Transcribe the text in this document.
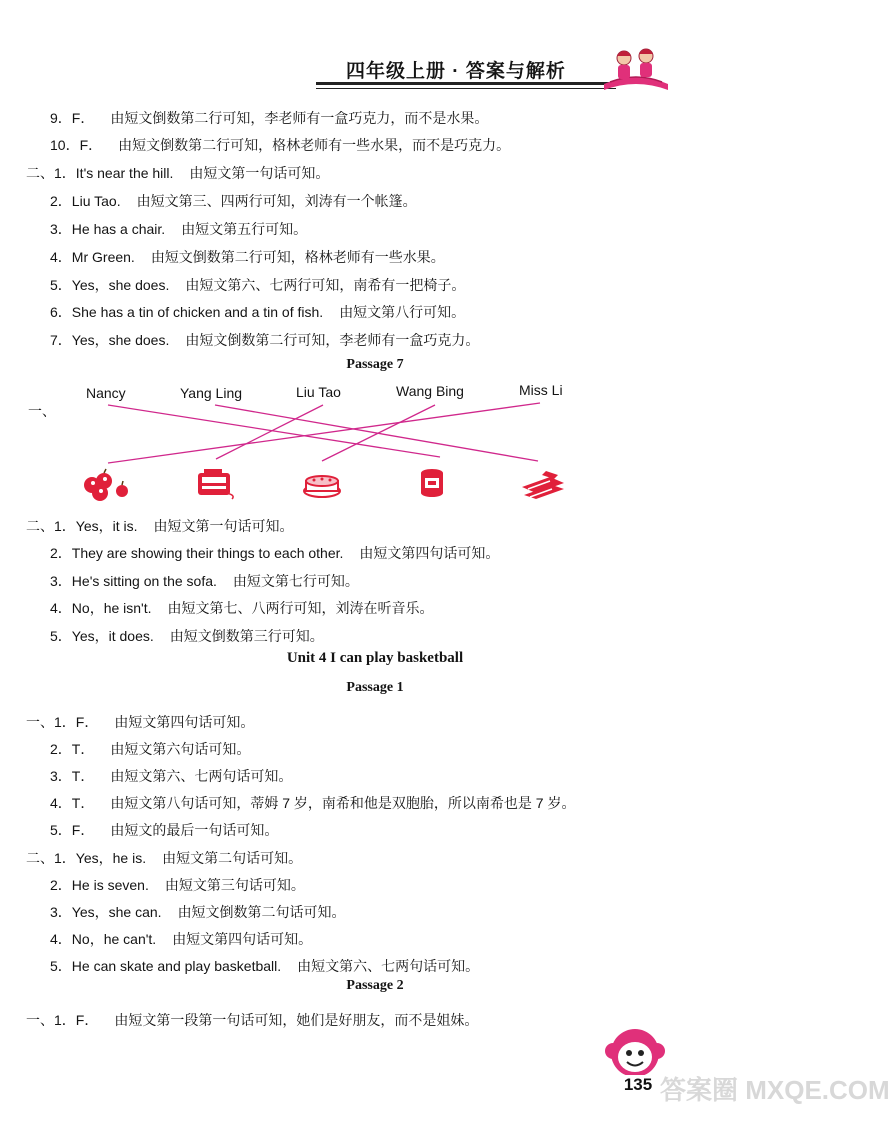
四年级上册 · 答案与解析
9．F． 由短文倒数第二行可知，李老师有一盒巧克力，而不是水果。
10．F． 由短文倒数第二行可知，格林老师有一些水果，而不是巧克力。
二、1．It's near the hill. 由短文第一句话可知。
2．Liu Tao. 由短文第三、四两行可知，刘涛有一个帐篷。
3．He has a chair. 由短文第五行可知。
4．Mr Green. 由短文倒数第二行可知，格林老师有一些水果。
5．Yes，she does. 由短文第六、七两行可知，南希有一把椅子。
6．She has a tin of chicken and a tin of fish. 由短文第八行可知。
7．Yes，she does. 由短文倒数第二行可知，李老师有一盒巧克力。
Passage 7
一、
Nancy	Yang Ling	Liu Tao	Wang Bing	Miss Li
二、1．Yes，it is. 由短文第一句话可知。
2．They are showing their things to each other. 由短文第四句话可知。
3．He's sitting on the sofa. 由短文第七行可知。
4．No，he isn't. 由短文第七、八两行可知，刘涛在听音乐。
5．Yes，it does. 由短文倒数第三行可知。
Unit 4 I can play basketball
Passage 1
一、1．F． 由短文第四句话可知。
2．T． 由短文第六句话可知。
3．T． 由短文第六、七两句话可知。
4．T． 由短文第八句话可知，蒂姆 7 岁，南希和他是双胞胎，所以南希也是 7 岁。
5．F． 由短文的最后一句话可知。
二、1．Yes，he is. 由短文第二句话可知。
2．He is seven. 由短文第三句话可知。
3．Yes，she can. 由短文倒数第二句话可知。
4．No，he can't. 由短文第四句话可知。
5．He can skate and play basketball. 由短文第六、七两句话可知。
Passage 2
一、1．F． 由短文第一段第一句话可知，她们是好朋友，而不是姐妹。
135 答案圈 MXQE.COM
